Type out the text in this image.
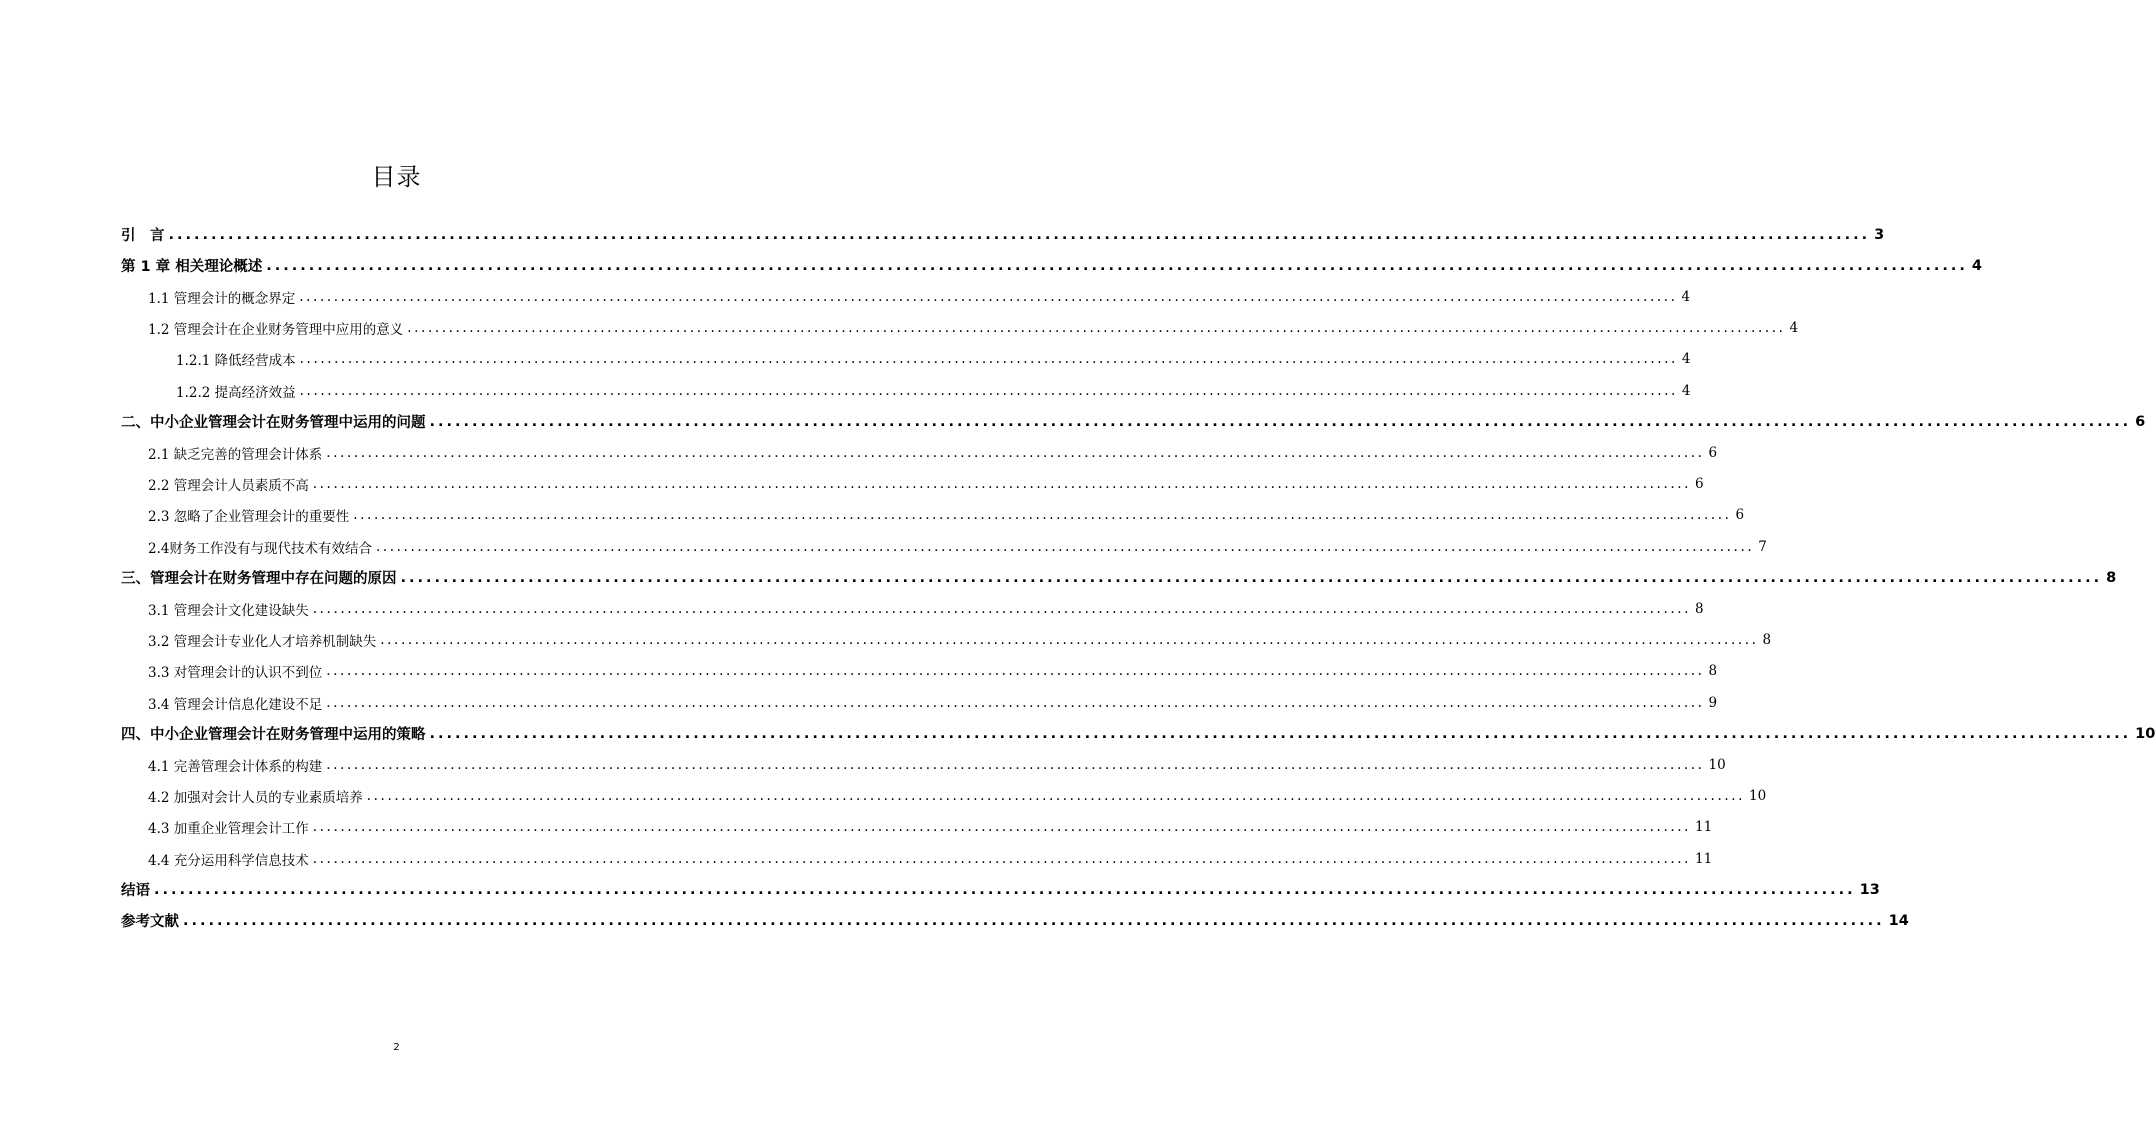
目录
引　言 ........................................................................................................................................................................................................ 3
第 1 章 相关理论概述 ........................................................................................................................................................................................................ 4
1.1 管理会计的概念界定 ........................................................................................................................................................................................................ 4
1.2 管理会计在企业财务管理中应用的意义 ........................................................................................................................................................................................................ 4
1.2.1 降低经营成本 ........................................................................................................................................................................................................ 4
1.2.2 提高经济效益 ........................................................................................................................................................................................................ 4
二、中小企业管理会计在财务管理中运用的问题 ........................................................................................................................................................................................................ 6
2.1 缺乏完善的管理会计体系 ........................................................................................................................................................................................................ 6
2.2 管理会计人员素质不高 ........................................................................................................................................................................................................ 6
2.3 忽略了企业管理会计的重要性 ........................................................................................................................................................................................................ 6
2.4财务工作没有与现代技术有效结合 ........................................................................................................................................................................................................ 7
三、管理会计在财务管理中存在问题的原因 ........................................................................................................................................................................................................ 8
3.1 管理会计文化建设缺失 ........................................................................................................................................................................................................ 8
3.2 管理会计专业化人才培养机制缺失 ........................................................................................................................................................................................................ 8
3.3 对管理会计的认识不到位 ........................................................................................................................................................................................................ 8
3.4 管理会计信息化建设不足 ........................................................................................................................................................................................................ 9
四、中小企业管理会计在财务管理中运用的策略 ........................................................................................................................................................................................................ 10
4.1 完善管理会计体系的构建 ........................................................................................................................................................................................................ 10
4.2 加强对会计人员的专业素质培养 ........................................................................................................................................................................................................ 10
4.3 加重企业管理会计工作 ........................................................................................................................................................................................................ 11
4.4 充分运用科学信息技术 ........................................................................................................................................................................................................ 11
结语 ........................................................................................................................................................................................................ 13
参考文献 ........................................................................................................................................................................................................ 14
2
